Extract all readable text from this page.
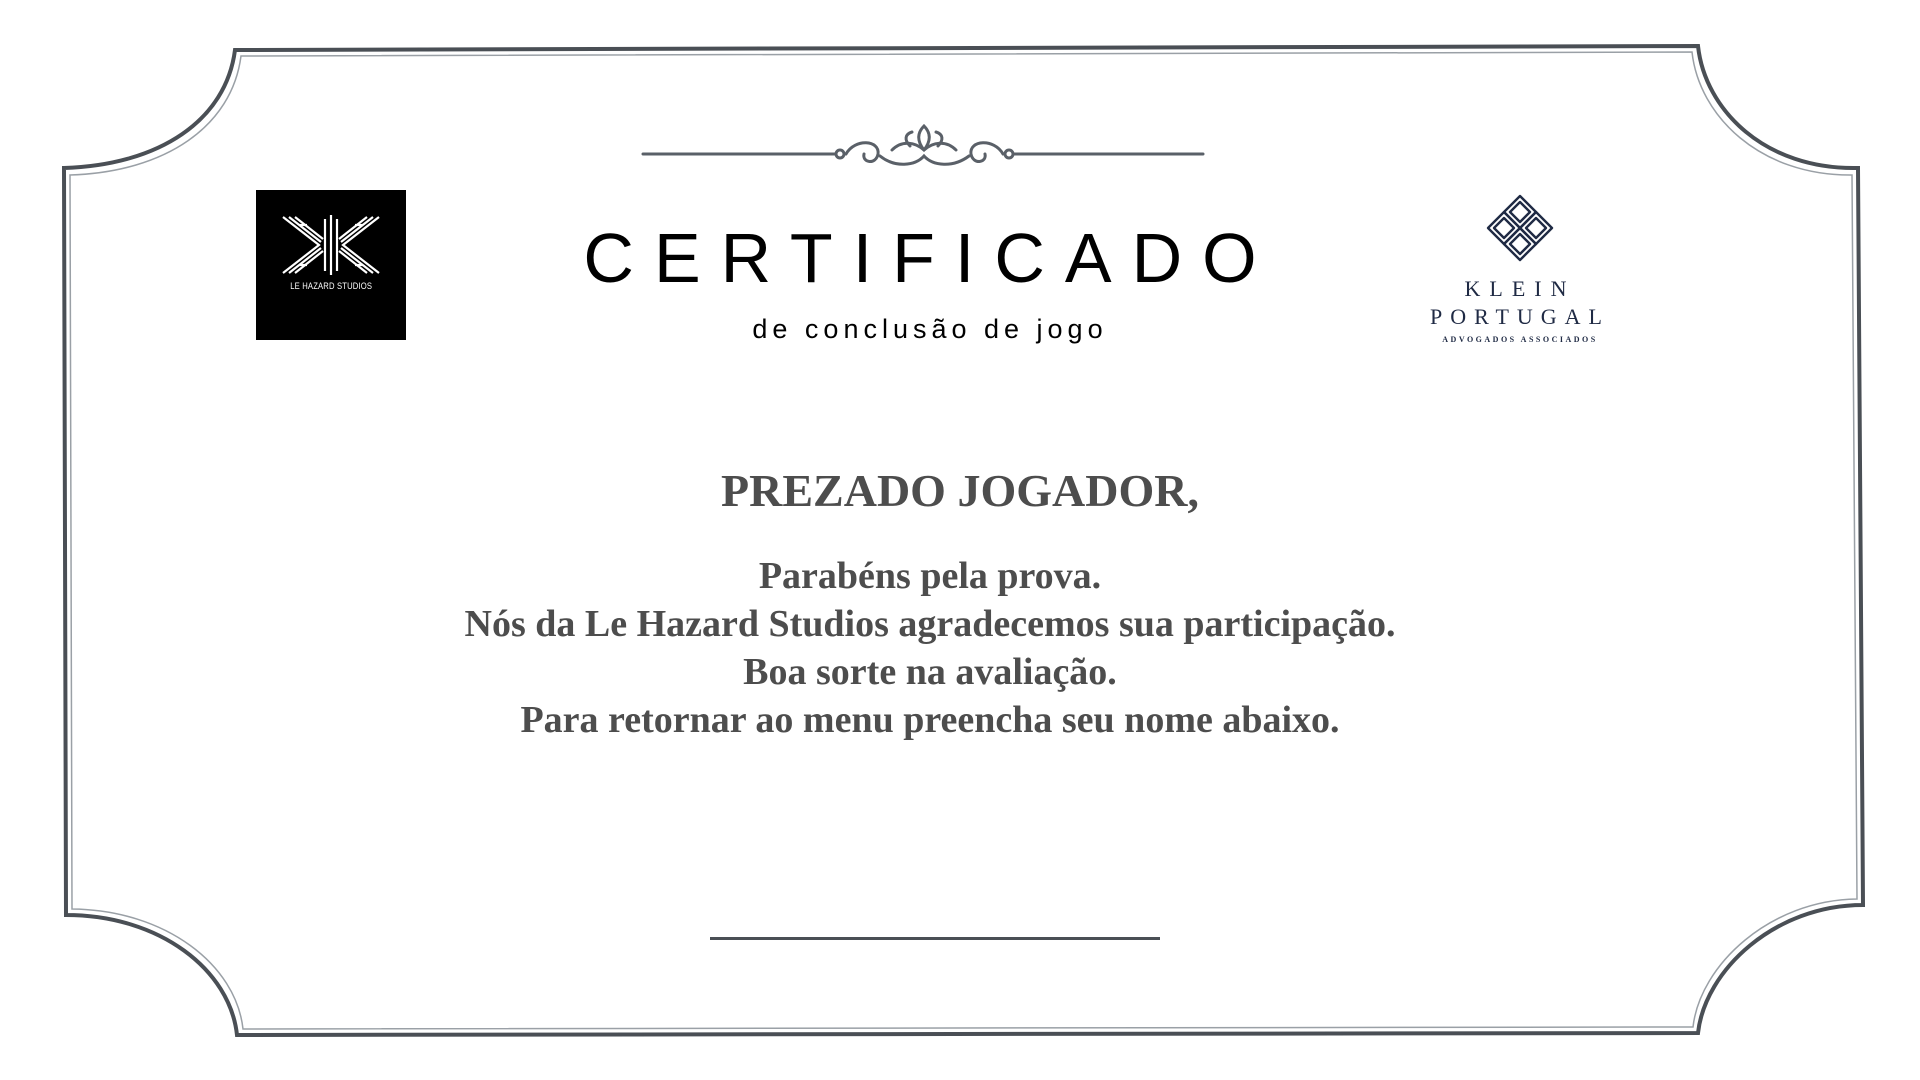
LE HAZARD STUDIOS	CERTIFICADO
de conclusão de jogo
KLEIN
PORTUGAL
ADVOGADOS ASSOCIADOS
PREZADO JOGADOR,
Parabéns pela prova.
Nós da Le Hazard Studios agradecemos sua participação.
Boa sorte na avaliação.
Para retornar ao menu preencha seu nome abaixo.
